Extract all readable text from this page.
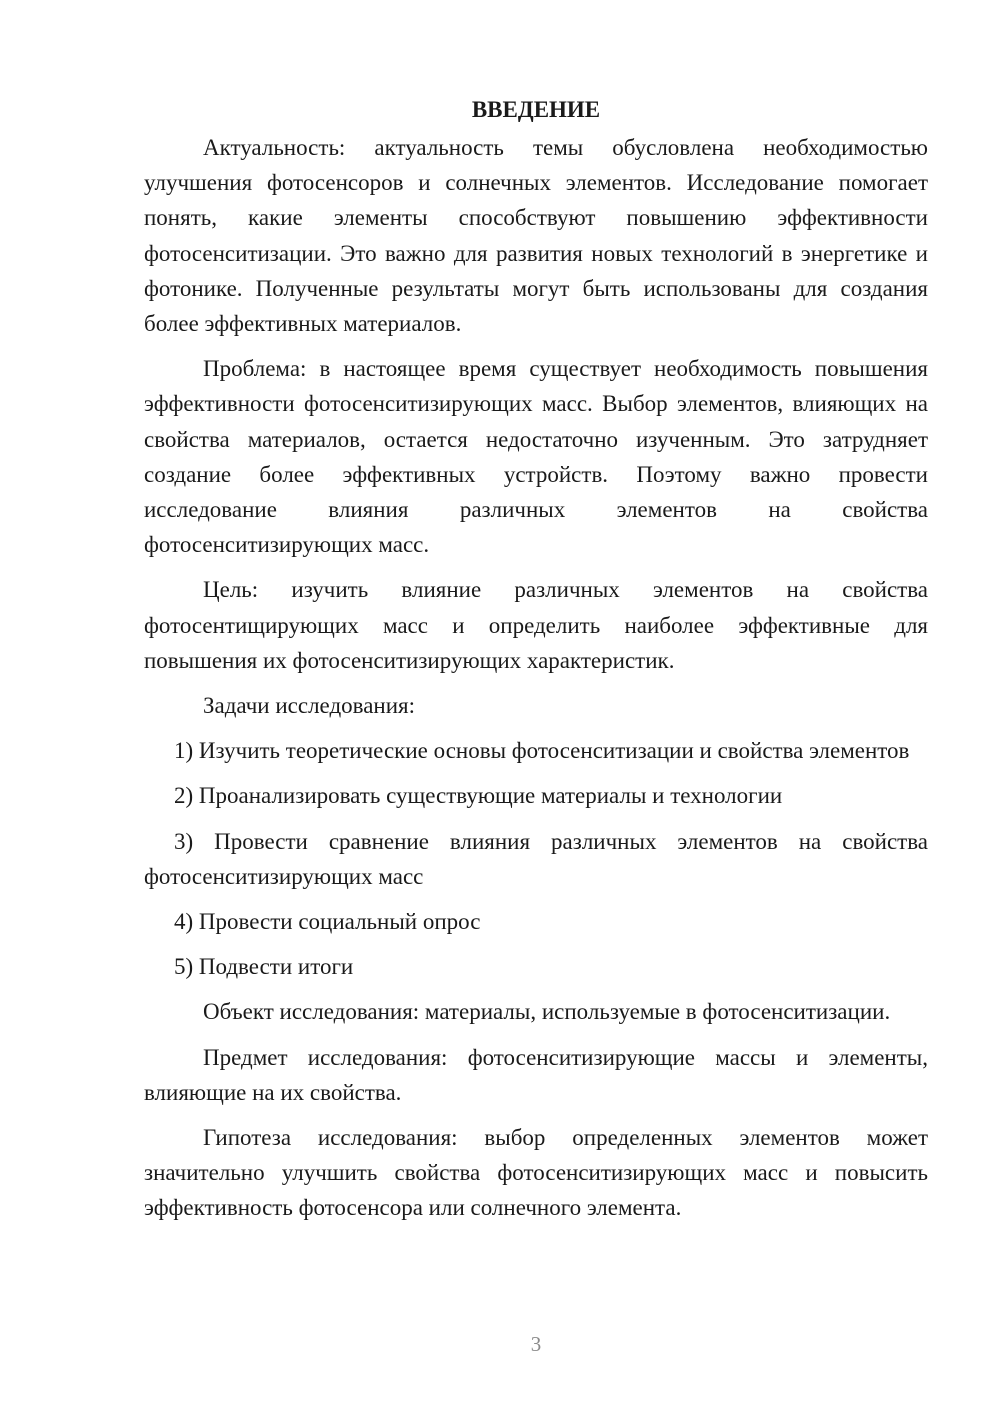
ВВЕДЕНИЕ

Актуальность: актуальность темы обусловлена необходимостью улучшения фотосенсоров и солнечных элементов. Исследование помогает понять, какие элементы способствуют повышению эффективности фотосенситизации. Это важно для развития новых технологий в энергетике и фотонике. Полученные результаты могут быть использованы для создания более эффективных материалов.

Проблема: в настоящее время существует необходимость повышения эффективности фотосенситизирующих масс. Выбор элементов, влияющих на свойства материалов, остается недостаточно изученным. Это затрудняет создание более эффективных устройств. Поэтому важно провести исследование влияния различных элементов на свойства фотосенситизирующих масс.

Цель: изучить влияние различных элементов на свойства фотосентищирующих масс и определить наиболее эффективные для повышения их фотосенситизирующих характеристик.

Задачи исследования:

1) Изучить теоретические основы фотосенситизации и свойства элементов

2) Проанализировать существующие материалы и технологии

3) Провести сравнение влияния различных элементов на свойства фотосенситизирующих масс

4) Провести социальный опрос

5) Подвести итоги

Объект исследования: материалы, используемые в фотосенситизации.

Предмет исследования: фотосенситизирующие массы и элементы, влияющие на их свойства.

Гипотеза исследования: выбор определенных элементов может значительно улучшить свойства фотосенситизирующих масс и повысить эффективность фотосенсора или солнечного элемента.

3
